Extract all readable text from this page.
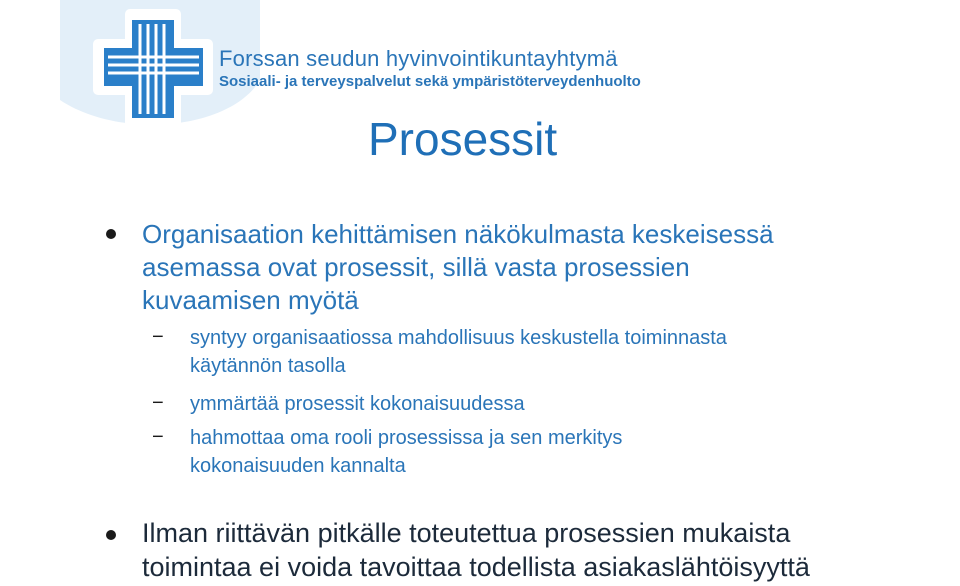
Forssan seudun hyvinvointikuntayhtymä
Sosiaali- ja terveyspalvelut sekä ympäristöterveydenhuolto
Prosessit
Organisaation kehittämisen näkökulmasta keskeisessä
asemassa ovat prosessit, sillä vasta prosessien
kuvaamisen myötä
− syntyy organisaatiossa mahdollisuus keskustella toiminnasta
käytännön tasolla
− ymmärtää prosessit kokonaisuudessa
− hahmottaa oma rooli prosessissa ja sen merkitys
kokonaisuuden kannalta
Ilman riittävän pitkälle toteutettua prosessien mukaista
toimintaa ei voida tavoittaa todellista asiakaslähtöisyyttä
